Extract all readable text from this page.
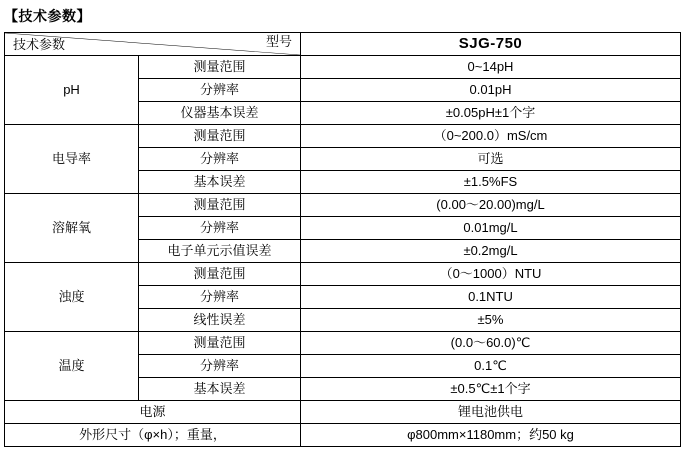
【技术参数】
型号
技术参数		SJG-750
pH	测量范围	0~14pH
	分辨率	0.01pH
	仪器基本误差	±0.05pH±1个字
电导率	测量范围	（0~200.0）mS/cm
	分辨率	可选
	基本误差	±1.5%FS
溶解氧	测量范围	(0.00～20.00)mg/L
	分辨率	0.01mg/L
	电子单元示值误差	±0.2mg/L
浊度	测量范围	（0～1000）NTU
	分辨率	0.1NTU
	线性误差	±5%
温度	测量范围	(0.0～60.0)℃
	分辨率	0.1℃
	基本误差	±0.5℃±1个字
电源		锂电池供电
外形尺寸（φ×h）；重量，		φ800mm×1180mm；约50 kg
